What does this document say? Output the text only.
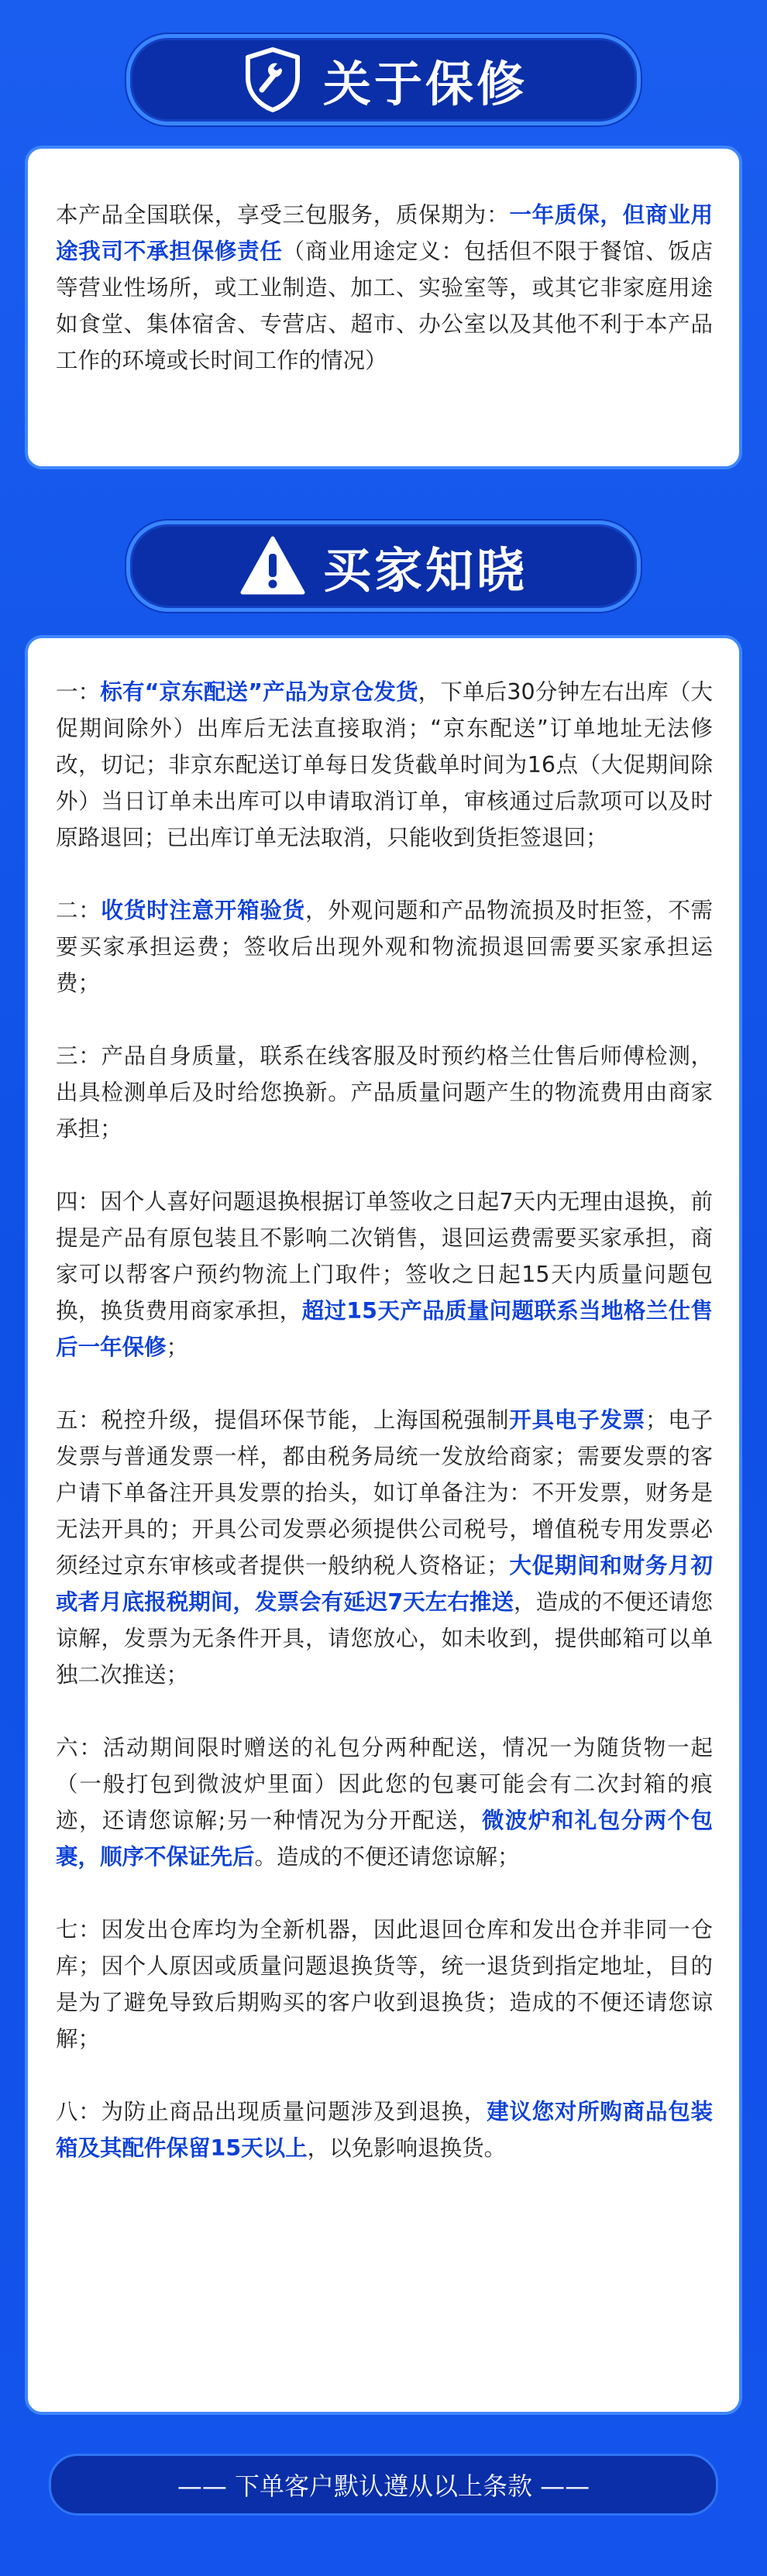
关于保修

本产品全国联保，享受三包服务，质保期为：一年质保，但商业用途我司不承担保修责任（商业用途定义：包括但不限于餐馆、饭店等营业性场所，或工业制造、加工、实验室等，或其它非家庭用途如食堂、集体宿舍、专营店、超市、办公室以及其他不利于本产品工作的环境或长时间工作的情况）

买家知晓

一：标有“京东配送”产品为京仓发货，下单后30分钟左右出库（大促期间除外）出库后无法直接取消；“京东配送”订单地址无法修改，切记；非京东配送订单每日发货截单时间为16点（大促期间除外）当日订单未出库可以申请取消订单，审核通过后款项可以及时原路退回；已出库订单无法取消，只能收到货拒签退回；

二：收货时注意开箱验货，外观问题和产品物流损及时拒签，不需要买家承担运费；签收后出现外观和物流损退回需要买家承担运费；

三：产品自身质量，联系在线客服及时预约格兰仕售后师傅检测，出具检测单后及时给您换新。产品质量问题产生的物流费用由商家承担；

四：因个人喜好问题退换根据订单签收之日起7天内无理由退换，前提是产品有原包装且不影响二次销售，退回运费需要买家承担，商家可以帮客户预约物流上门取件；签收之日起15天内质量问题包换，换货费用商家承担，超过15天产品质量问题联系当地格兰仕售后一年保修；

五：税控升级，提倡环保节能，上海国税强制开具电子发票；电子发票与普通发票一样，都由税务局统一发放给商家；需要发票的客户请下单备注开具发票的抬头，如订单备注为：不开发票，财务是无法开具的；开具公司发票必须提供公司税号，增值税专用发票必须经过京东审核或者提供一般纳税人资格证；大促期间和财务月初或者月底报税期间，发票会有延迟7天左右推送，造成的不便还请您谅解，发票为无条件开具，请您放心，如未收到，提供邮箱可以单独二次推送；

六：活动期间限时赠送的礼包分两种配送，情况一为随货物一起（一般打包到微波炉里面）因此您的包裹可能会有二次封箱的痕迹，还请您谅解;另一种情况为分开配送，微波炉和礼包分两个包裹，顺序不保证先后。造成的不便还请您谅解；

七：因发出仓库均为全新机器，因此退回仓库和发出仓并非同一仓库；因个人原因或质量问题退换货等，统一退货到指定地址，目的是为了避免导致后期购买的客户收到退换货；造成的不便还请您谅解；

八：为防止商品出现质量问题涉及到退换，建议您对所购商品包装箱及其配件保留15天以上，以免影响退换货。

—— 下单客户默认遵从以上条款 ——
